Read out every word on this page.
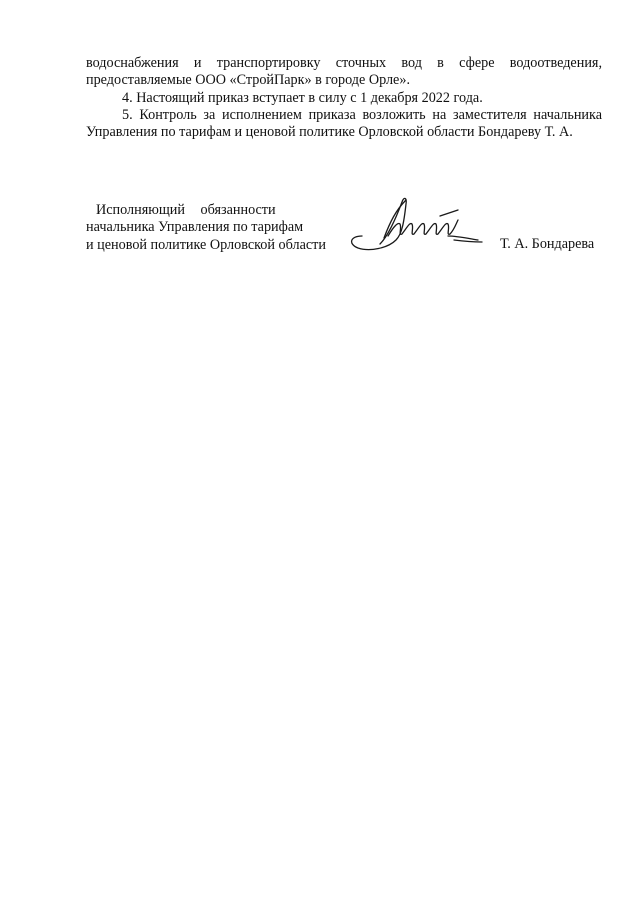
водоснабжения и транспортировку сточных вод в сфере водоотведения, предоставляемые ООО «СтройПарк» в городе Орле».
4. Настоящий приказ вступает в силу с 1 декабря 2022 года.
5. Контроль за исполнением приказа возложить на заместителя начальника Управления по тарифам и ценовой политике Орловской области Бондареву Т. А.
Исполняющий обязанности
начальника Управления по тарифам
и ценовой политике Орловской области	Т. А. Бондарева
